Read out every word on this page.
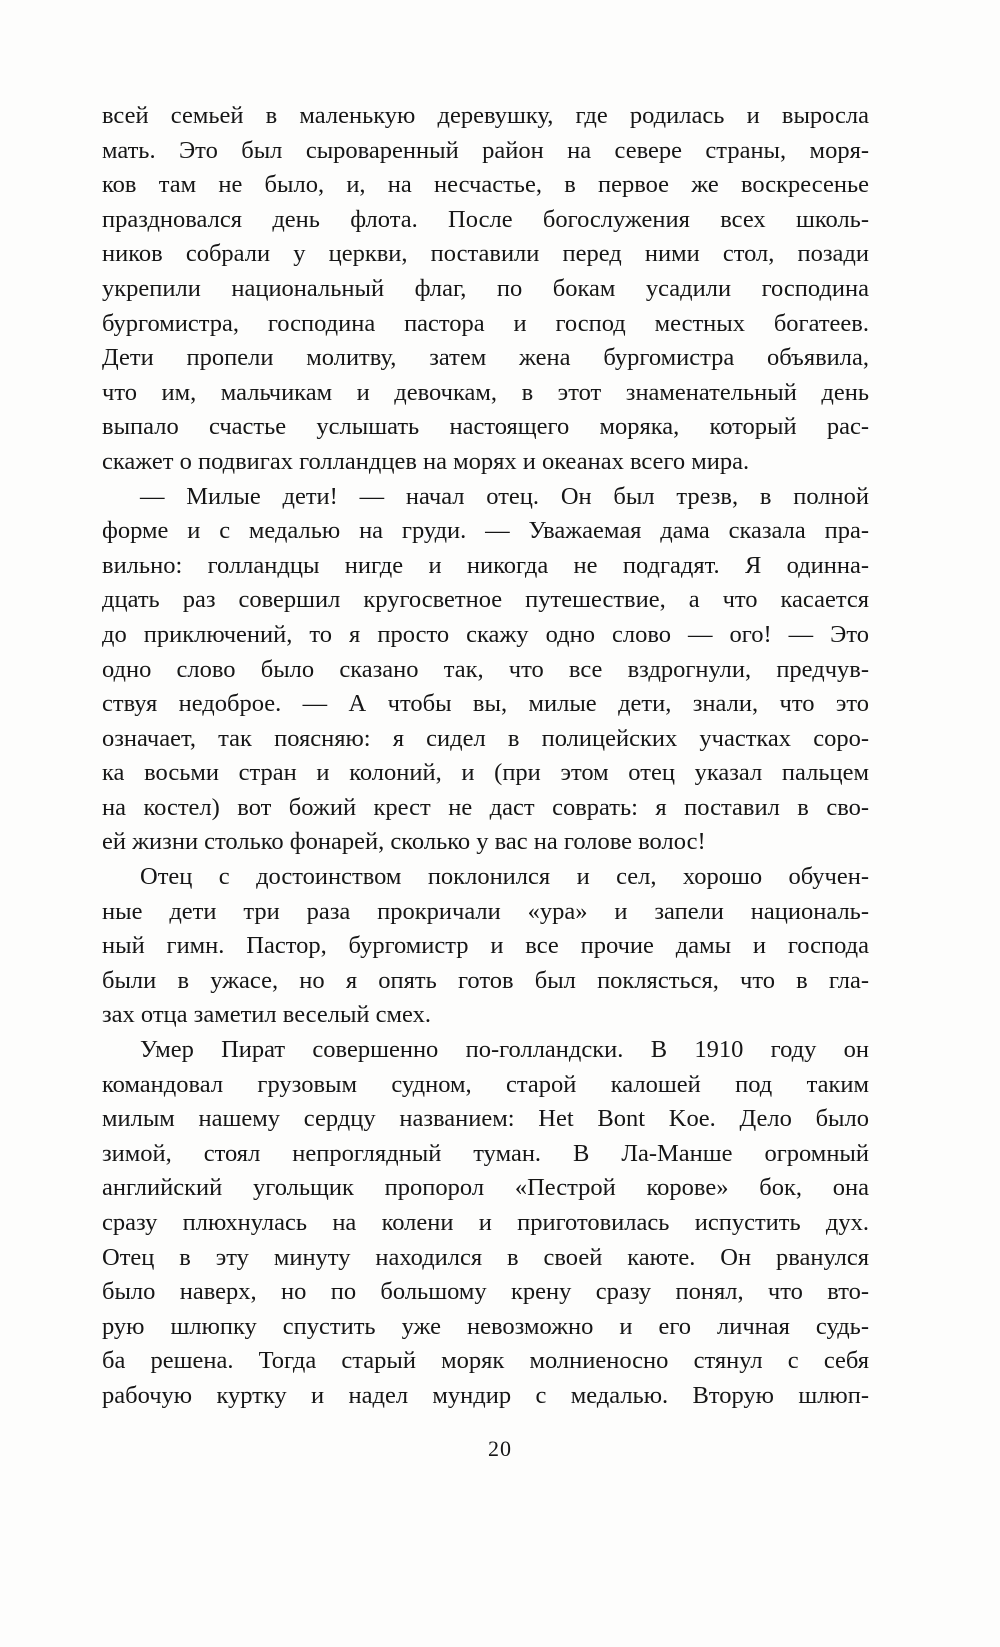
всей семьей в маленькую деревушку, где родилась и выросла
мать. Это был сыроваренный район на севере страны, моря-
ков там не было, и, на несчастье, в первое же воскресенье
праздновался день флота. После богослужения всех школь-
ников собрали у церкви, поставили перед ними стол, позади
укрепили национальный флаг, по бокам усадили господина
бургомистра, господина пастора и господ местных богатеев.
Дети пропели молитву, затем жена бургомистра объявила,
что им, мальчикам и девочкам, в этот знаменательный день
выпало счастье услышать настоящего моряка, который рас-
скажет о подвигах голландцев на морях и океанах всего мира.
— Милые дети! — начал отец. Он был трезв, в полной
форме и с медалью на груди. — Уважаемая дама сказала пра-
вильно: голландцы нигде и никогда не подгадят. Я одинна-
дцать раз совершил кругосветное путешествие, а что касается
до приключений, то я просто скажу одно слово — ого! — Это
одно слово было сказано так, что все вздрогнули, предчув-
ствуя недоброе. — А чтобы вы, милые дети, знали, что это
означает, так поясняю: я сидел в полицейских участках соро-
ка восьми стран и колоний, и (при этом отец указал пальцем
на костел) вот божий крест не даст соврать: я поставил в сво-
ей жизни столько фонарей, сколько у вас на голове волос!
Отец с достоинством поклонился и сел, хорошо обучен-
ные дети три раза прокричали «ура» и запели националь-
ный гимн. Пастор, бургомистр и все прочие дамы и господа
были в ужасе, но я опять готов был поклясться, что в гла-
зах отца заметил веселый смех.
Умер Пират совершенно по-голландски. В 1910 году он
командовал грузовым судном, старой калошей под таким
милым нашему сердцу названием: Het Bont Koe. Дело было
зимой, стоял непроглядный туман. В Ла-Манше огромный
английский угольщик пропорол «Пестрой корове» бок, она
сразу плюхнулась на колени и приготовилась испустить дух.
Отец в эту минуту находился в своей каюте. Он рванулся
было наверх, но по большому крену сразу понял, что вто-
рую шлюпку спустить уже невозможно и его личная судь-
ба решена. Тогда старый моряк молниеносно стянул с себя
рабочую куртку и надел мундир с медалью. Вторую шлюп-
20
